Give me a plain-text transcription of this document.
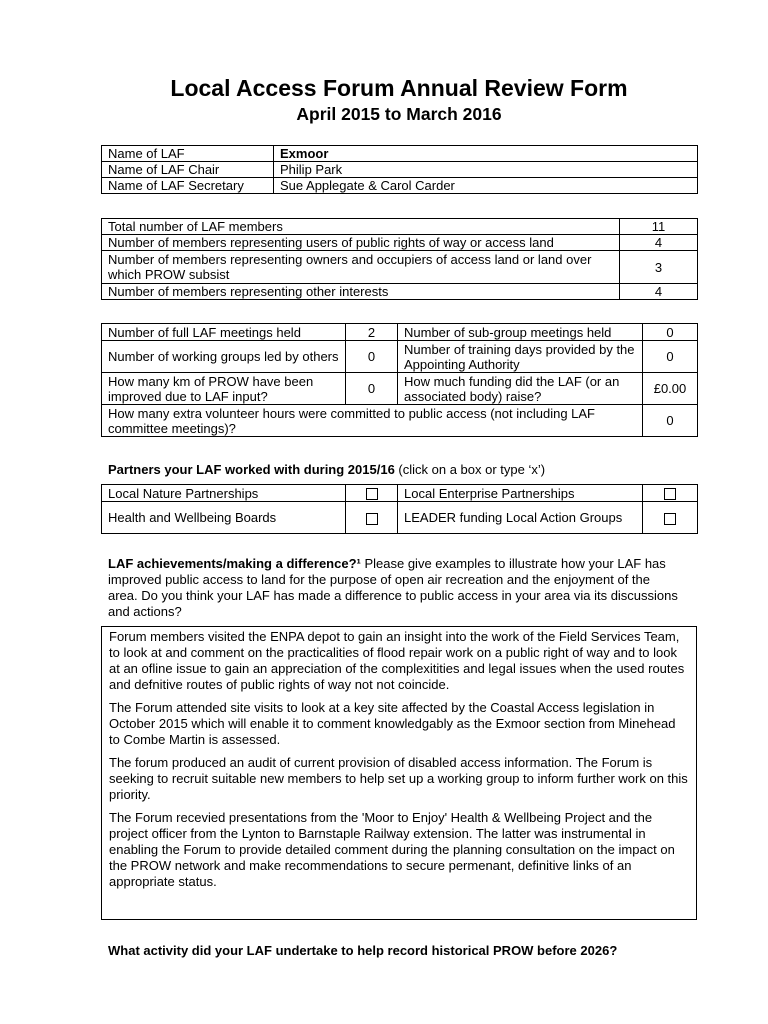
Local Access Forum Annual Review Form
April 2015 to March 2016
Name of LAF	Exmoor
Name of LAF Chair	Philip Park
Name of LAF Secretary	Sue Applegate & Carol Carder
Total number of LAF members	11
Number of members representing users of public rights of way or access land	4
Number of members representing owners and occupiers of access land or land over which PROW subsist	3
Number of members representing other interests	4
Number of full LAF meetings held	2	Number of sub-group meetings held	0
Number of working groups led by others	0	Number of training days provided by the Appointing Authority	0
How many km of PROW have been improved due to LAF input?	0	How much funding did the LAF (or an associated body) raise?	£0.00
How many extra volunteer hours were committed to public access (not including LAF committee meetings)?			0
Partners your LAF worked with during 2015/16 (click on a box or type ‘x’)
Local Nature Partnerships		Local Enterprise Partnerships	
Health and Wellbeing Boards		LEADER funding Local Action Groups	
LAF achievements/making a difference?¹ Please give examples to illustrate how your LAF has improved public access to land for the purpose of open air recreation and the enjoyment of the area. Do you think your LAF has made a difference to public access in your area via its discussions and actions?

Forum members visited the ENPA depot to gain an insight into the work of the Field Services Team, to look at and comment on the practicalities of flood repair work on a public right of way and to look at an ofline issue to gain an appreciation of the complexitities and legal issues when the used routes and defnitive routes of public rights of way not not coincide.

The Forum attended site visits to look at a key site affected by the Coastal Access legislation in October 2015 which will enable it to comment knowledgably as the Exmoor section from Minehead to Combe Martin is assessed.

The forum produced an audit of current provision of disabled access information. The Forum is seeking to recruit suitable new members to help set up a working group to inform further work on this priority.

The Forum recevied presentations from the 'Moor to Enjoy' Health & Wellbeing Project and the project officer from the Lynton to Barnstaple Railway extension. The latter was instrumental in enabling the Forum to provide detailed comment during the planning consultation on the impact on the PROW network and make recommendations to secure permenant, definitive links of an appropriate status.

What activity did your LAF undertake to help record historical PROW before 2026?
